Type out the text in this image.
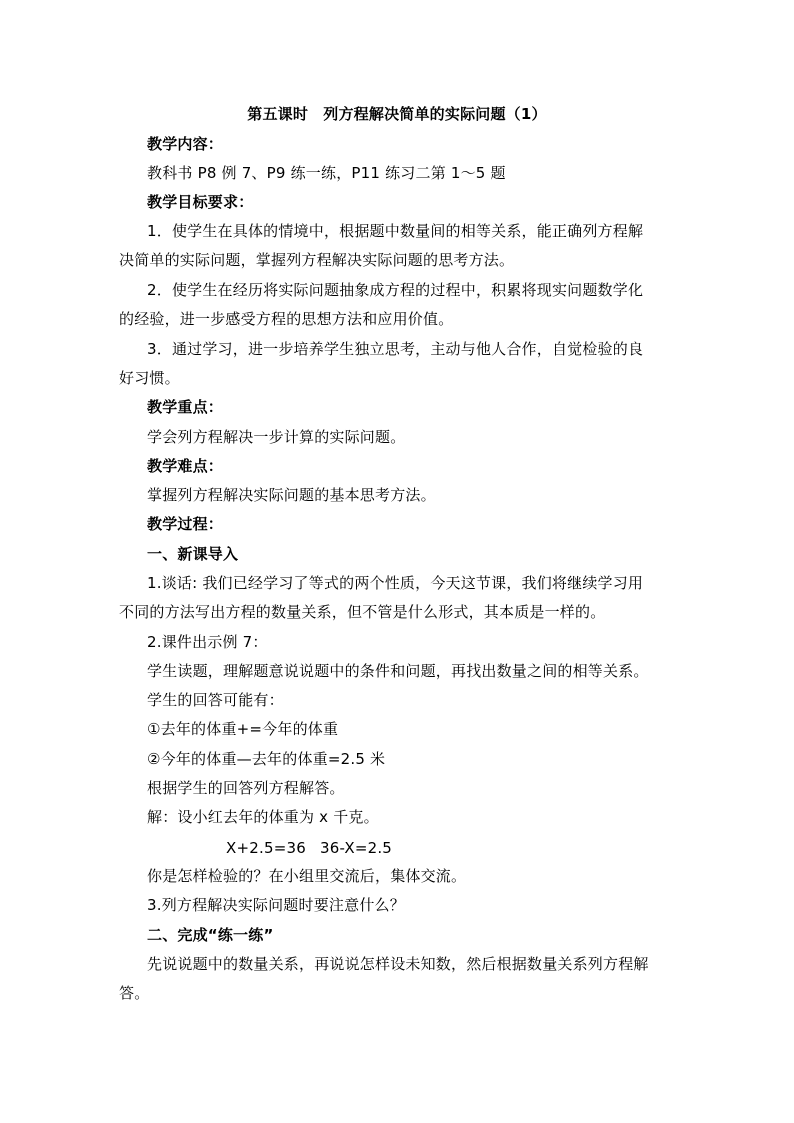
第五课时　列方程解决简单的实际问题（1）
教学内容：
教科书 P8 例 7、P9 练一练，P11 练习二第 1～5 题
教学目标要求：
1．使学生在具体的情境中，根据题中数量间的相等关系，能正确列方程解
决简单的实际问题，掌握列方程解决实际问题的思考方法。
2．使学生在经历将实际问题抽象成方程的过程中，积累将现实问题数学化
的经验，进一步感受方程的思想方法和应用价值。
3．通过学习，进一步培养学生独立思考，主动与他人合作，自觉检验的良
好习惯。
教学重点：
学会列方程解决一步计算的实际问题。
教学难点：
掌握列方程解决实际问题的基本思考方法。
教学过程：
一、新课导入
1.谈话: 我们已经学习了等式的两个性质，今天这节课，我们将继续学习用
不同的方法写出方程的数量关系，但不管是什么形式，其本质是一样的。
2.课件出示例 7：
学生读题，理解题意说说题中的条件和问题，再找出数量之间的相等关系。
学生的回答可能有：
①去年的体重+=今年的体重
②今年的体重—去年的体重=2.5 米
根据学生的回答列方程解答。
解：设小红去年的体重为 x 千克。
X+2.5=36 36-X=2.5
你是怎样检验的？在小组里交流后，集体交流。
3.列方程解决实际问题时要注意什么？
二、完成“练一练”
先说说题中的数量关系，再说说怎样设未知数，然后根据数量关系列方程解
答。
